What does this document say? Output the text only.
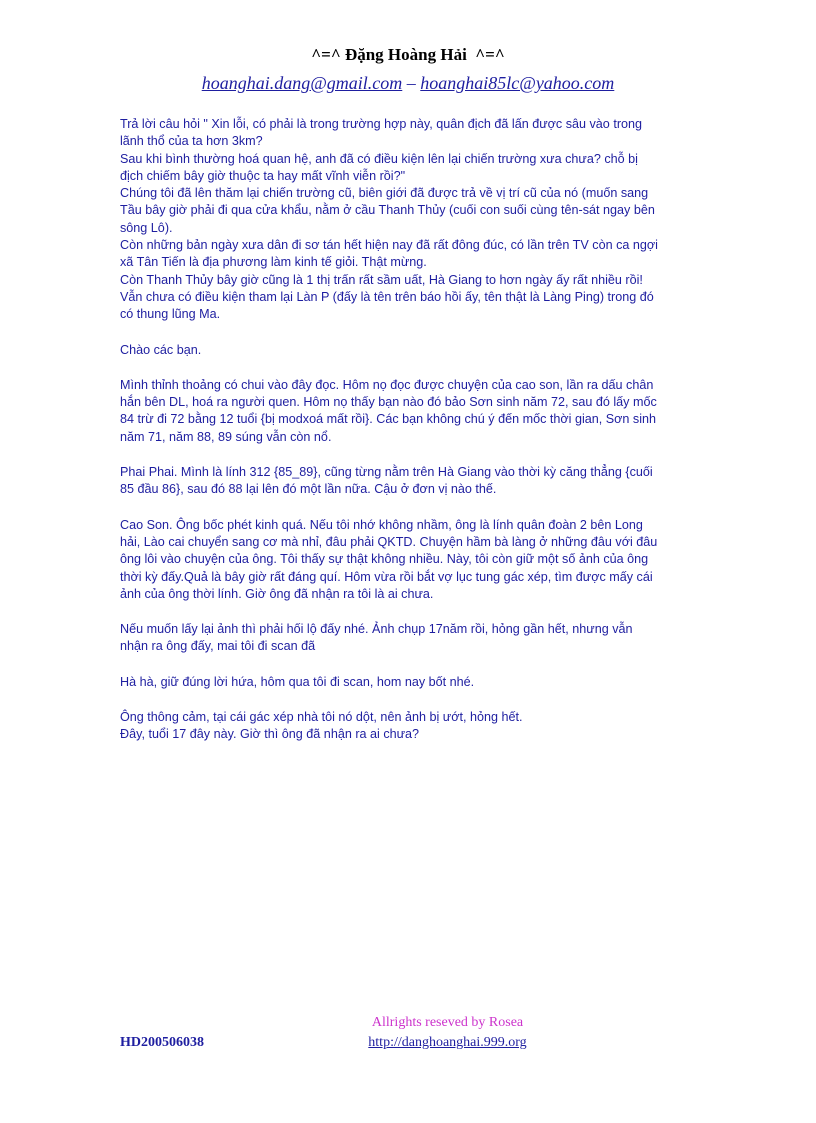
^=^ Đặng Hoàng Hải  ^=^
hoanghai.dang@gmail.com – hoanghai85lc@yahoo.com
Trả lời câu hỏi " Xin lỗi, có phải là trong trường hợp này, quân địch đã lấn được sâu vào trong
lãnh thổ của ta hơn 3km?
Sau khi bình thường hoá quan hệ, anh đã có điều kiện lên lại chiến trường xưa chưa? chỗ bị
địch chiếm bây giờ thuộc ta hay mất vĩnh viễn rồi?"
Chúng tôi đã lên thăm lại chiến trường cũ, biên giới đã được trả về vị trí cũ của nó (muốn sang
Tầu bây giờ phải đi qua cửa khẩu, nằm ở cầu Thanh Thủy (cuối con suối cùng tên-sát ngay bên
sông Lô).
Còn những bản ngày xưa dân đi sơ tán hết hiện nay đã rất đông đúc, có lần trên TV còn ca ngợi
xã Tân Tiến là địa phương làm kinh tế giỏi. Thật mừng.
Còn Thanh Thủy bây giờ cũng là 1 thị trấn rất sầm uất, Hà Giang to hơn ngày ấy rất nhiều rồi!
Vẫn chưa có điều kiện tham lại Làn P (đấy là tên trên báo hồi ấy, tên thật là Làng Ping) trong đó
có thung lũng Ma.
Chào các bạn.
Mình thỉnh thoảng có chui vào đây đọc. Hôm nọ đọc được chuyện của cao son, lần ra dấu chân
hắn bên DL, hoá ra người quen. Hôm nọ thấy bạn nào đó bảo Sơn sinh năm 72, sau đó lấy mốc
84 trừ đi 72 bằng 12 tuổi {bị modxoá mất rồi}. Các bạn không chú ý đến mốc thời gian, Sơn sinh
năm 71, năm 88, 89 súng vẫn còn nổ.
Phai Phai. Mình là lính 312 {85_89}, cũng từng nằm trên Hà Giang vào thời kỳ căng thẳng {cuối
85 đầu 86}, sau đó 88 lại lên đó một lần nữa. Cậu ở đơn vị nào thế.
Cao Son. Ông bốc phét kinh quá. Nếu tôi nhớ không nhầm, ông là lính quân đoàn 2 bên Long
hải, Lào cai chuyển sang cơ mà nhỉ, đâu phải QKTD. Chuyện hầm bà làng ở những đâu với đâu
ông lôi vào chuyện của ông. Tôi thấy sự thật không nhiều. Này, tôi còn giữ một số ảnh của ông
thời kỳ đấy.Quả là bây giờ rất đáng quí. Hôm vừa rồi bắt vợ lục tung gác xép, tìm được mấy cái
ảnh của ông thời lính. Giờ ông đã nhận ra tôi là ai chưa.
Nếu muốn lấy lại ảnh thì phải hối lộ đấy nhé. Ảnh chụp 17năm rồi, hỏng gần hết, nhưng vẫn
nhận ra ông đấy, mai tôi đi scan đã
Hà hà, giữ đúng lời hứa, hôm qua tôi đi scan, hom nay bốt nhé.
Ông thông cảm, tại cái gác xép nhà tôi nó dột, nên ảnh bị ướt, hỏng hết.
Đây, tuổi 17 đây này. Giờ thì ông đã nhận ra ai chưa?
Allrights reseved by Rosea
http://danghoanghai.999.org
HD200506038
